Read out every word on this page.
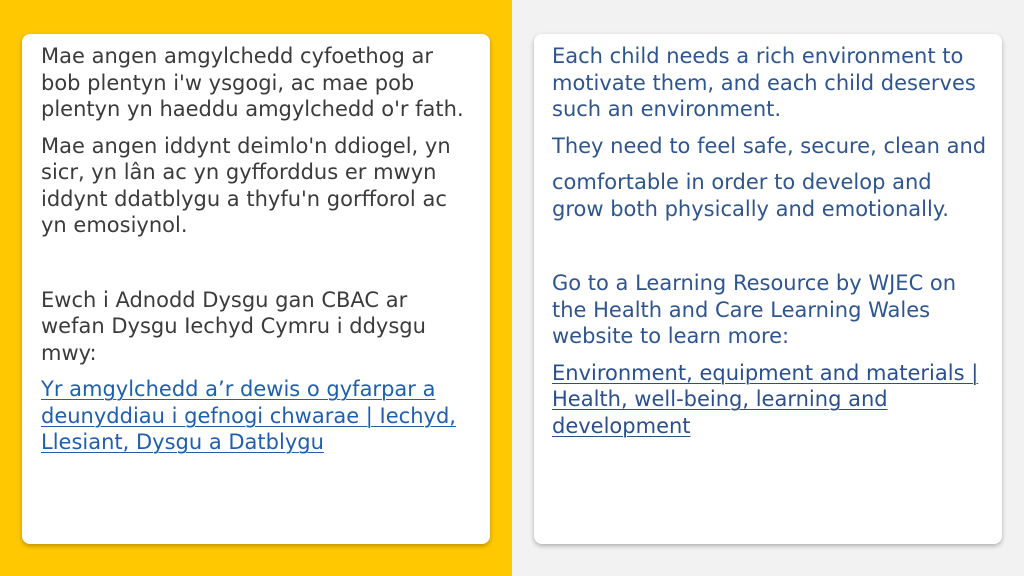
Mae angen amgylchedd cyfoethog ar bob plentyn i'w ysgogi, ac mae pob plentyn yn haeddu amgylchedd o'r fath.

Mae angen iddynt deimlo'n ddiogel, yn sicr, yn lân ac yn gyfforddus er mwyn iddynt ddatblygu a thyfu'n gorfforol ac yn emosiynol.

Ewch i Adnodd Dysgu gan CBAC ar wefan Dysgu Iechyd Cymru i ddysgu mwy:

Yr amgylchedd a’r dewis o gyfarpar a deunyddiau i gefnogi chwarae | Iechyd, Llesiant, Dysgu a Datblygu

Each child needs a rich environment to motivate them, and each child deserves such an environment.

They need to feel safe, secure, clean and

comfortable in order to develop and grow both physically and emotionally.

Go to a Learning Resource by WJEC on the Health and Care Learning Wales website to learn more:

Environment, equipment and materials | Health, well-being, learning and development
